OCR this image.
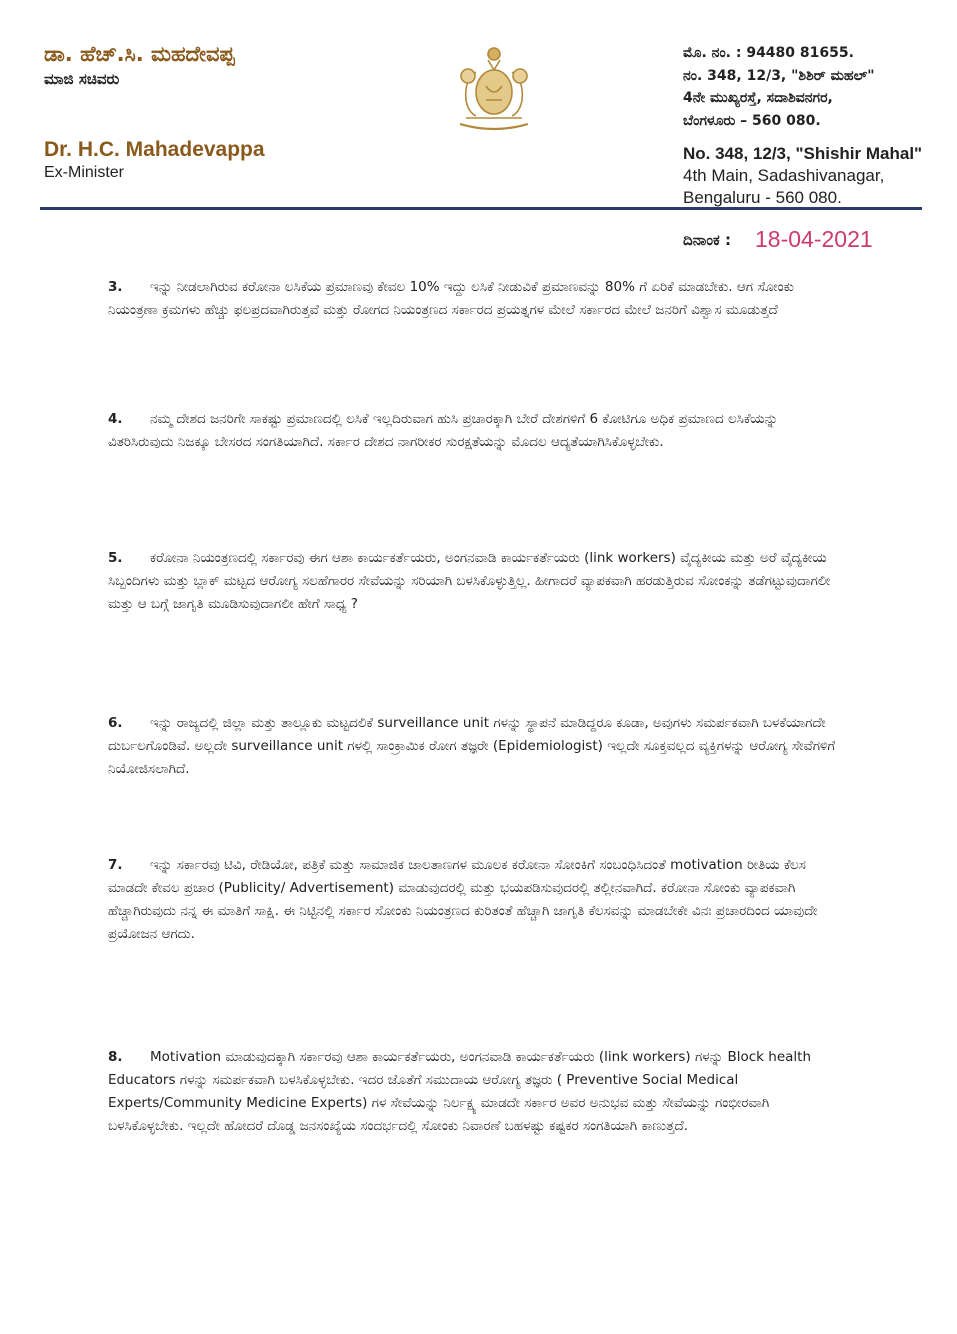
ಡಾ. ಹೆಚ್.ಸಿ. ಮಹದೇವಪ್ಪ
ಮಾಜಿ ಸಚಿವರು
Dr. H.C. Mahadevappa
Ex-Minister
ಮೊ. ನಂ. : 94480 81655.
ನಂ. 348, 12/3, "ಶಿಶಿರ್ ಮಹಲ್"
4ನೇ ಮುಖ್ಯರಸ್ತೆ, ಸದಾಶಿವನಗರ,
ಬೆಂಗಳೂರು – 560 080.
No. 348, 12/3, "Shishir Mahal"
4th Main, Sadashivanagar,
Bengaluru - 560 080.
ದಿನಾಂಕ : 18-04-2021
3. ಇನ್ನು ನೀಡಲಾಗಿರುವ ಕರೋನಾ ಲಸಿಕೆಯ ಪ್ರಮಾಣವು ಕೇವಲ 10% ಇದ್ದು ಲಸಿಕೆ ನೀಡುವಿಕೆ ಪ್ರಮಾಣವನ್ನು 80% ಗೆ ಏರಿಕೆ ಮಾಡಬೇಕು. ಆಗ ಸೋಂಕು ನಿಯಂತ್ರಣಾ ಕ್ರಮಗಳು ಹೆಚ್ಚು ಫಲಪ್ರದವಾಗಿರುತ್ತವೆ ಮತ್ತು ರೋಗದ ನಿಯಂತ್ರಣದ ಸರ್ಕಾರದ ಪ್ರಯತ್ನಗಳ ಮೇಲೆ ಸರ್ಕಾರದ ಮೇಲೆ ಜನರಿಗೆ ವಿಶ್ವಾಸ ಮೂಡುತ್ತದೆ
4. ನಮ್ಮ ದೇಶದ ಜನರಿಗೇ ಸಾಕಷ್ಟು ಪ್ರಮಾಣದಲ್ಲಿ ಲಸಿಕೆ ಇಲ್ಲದಿರುವಾಗ ಹುಸಿ ಪ್ರಚಾರಕ್ಕಾಗಿ ಬೇರೆ ದೇಶಗಳಿಗೆ 6 ಕೋಟಿಗೂ ಅಧಿಕ ಪ್ರಮಾಣದ ಲಸಿಕೆಯನ್ನು ವಿತರಿಸಿರುವುದು ನಿಜಕ್ಕೂ ಬೇಸರದ ಸಂಗತಿಯಾಗಿದೆ. ಸರ್ಕಾರ ದೇಶದ ನಾಗರೀಕರ ಸುರಕ್ಷತೆಯನ್ನು ಮೊದಲ ಆದ್ಯತೆಯಾಗಿಸಿಕೊಳ್ಳಬೇಕು.
5. ಕರೋನಾ ನಿಯಂತ್ರಣದಲ್ಲಿ ಸರ್ಕಾರವು ಈಗ ಆಶಾ ಕಾರ್ಯಕರ್ತೆಯರು, ಅಂಗನವಾಡಿ ಕಾರ್ಯಕರ್ತೆಯರು (link workers) ವೈದ್ಯಕೀಯ ಮತ್ತು ಅರೆ ವೈದ್ಯಕೀಯ ಸಿಬ್ಬಂದಿಗಳು ಮತ್ತು ಬ್ಲಾಕ್ ಮಟ್ಟದ ಆರೋಗ್ಯ ಸಲಹೆಗಾರರ ಸೇವೆಯನ್ನು ಸರಿಯಾಗಿ ಬಳಸಿಕೊಳ್ಳುತ್ತಿಲ್ಲ. ಹೀಗಾದರೆ ವ್ಯಾಪಕವಾಗಿ ಹರಡುತ್ತಿರುವ ಸೋಂಕನ್ನು ತಡೆಗಟ್ಟುವುದಾಗಲೀ ಮತ್ತು ಆ ಬಗ್ಗೆ ಜಾಗೃತಿ ಮೂಡಿಸುವುದಾಗಲೀ ಹೇಗೆ ಸಾಧ್ಯ ?
6. ಇನ್ನು ರಾಜ್ಯದಲ್ಲಿ ಜಿಲ್ಲಾ ಮತ್ತು ತಾಲ್ಲೂಕು ಮಟ್ಟದಲಿಕೆ surveillance unit ಗಳನ್ನು ಸ್ಥಾಪನೆ ಮಾಡಿದ್ದರೂ ಕೂಡಾ, ಅವುಗಳು ಸಮರ್ಪಕವಾಗಿ ಬಳಕೆಯಾಗದೇ ದುರ್ಬಲಗೊಂಡಿವೆ. ಅಲ್ಲದೇ surveillance unit ಗಳಲ್ಲಿ ಸಾಂಕ್ರಾಮಿಕ ರೋಗ ತಜ್ಞರೇ (Epidemiologist) ಇಲ್ಲದೇ ಸೂಕ್ತವಲ್ಲದ ವ್ಯಕ್ತಿಗಳನ್ನು ಆರೋಗ್ಯ ಸೇವೆಗಳಿಗೆ ನಿಯೋಜಿಸಲಾಗಿದೆ.
7. ಇನ್ನು ಸರ್ಕಾರವು ಟಿವಿ, ರೇಡಿಯೋ, ಪತ್ರಿಕೆ ಮತ್ತು ಸಾಮಾಜಿಕ ಜಾಲತಾಣಗಳ ಮೂಲಕ ಕರೋನಾ ಸೋಂಕಿಗೆ ಸಂಬಂಧಿಸಿದಂತೆ motivation ರೀತಿಯ ಕೆಲಸ ಮಾಡದೇ ಕೇವಲ ಪ್ರಚಾರ (Publicity/ Advertisement) ಮಾಡುವುದರಲ್ಲಿ ಮತ್ತು ಭಯಪಡಿಸುವುದರಲ್ಲಿ ತಲ್ಲೀನವಾಗಿದೆ. ಕರೋನಾ ಸೋಂಕು ವ್ಯಾಪಕವಾಗಿ ಹೆಚ್ಚಾಗಿರುವುದು ನನ್ನ ಈ ಮಾತಿಗೆ ಸಾಕ್ಷಿ. ಈ ನಿಟ್ಟಿನಲ್ಲಿ ಸರ್ಕಾರ ಸೋಂಕು ನಿಯಂತ್ರಣದ ಕುರಿತಂತೆ ಹೆಚ್ಚಾಗಿ ಜಾಗೃತಿ ಕೆಲಸವನ್ನು ಮಾಡಬೇಕೇ ವಿನಃ ಪ್ರಚಾರದಿಂದ ಯಾವುದೇ ಪ್ರಯೋಜನ ಆಗದು.
8. Motivation ಮಾಡುವುದಕ್ಕಾಗಿ ಸರ್ಕಾರವು ಆಶಾ ಕಾರ್ಯಕರ್ತೆಯರು, ಅಂಗನವಾಡಿ ಕಾರ್ಯಕರ್ತೆಯರು (link workers) ಗಳನ್ನು Block health Educators ಗಳನ್ನು ಸಮರ್ಪಕವಾಗಿ ಬಳಸಿಕೊಳ್ಳಬೇಕು. ಇದರ ಜೊತೆಗೆ ಸಮುದಾಯ ಆರೋಗ್ಯ ತಜ್ಞರು ( Preventive Social Medical Experts/Community Medicine Experts) ಗಳ ಸೇವೆಯನ್ನು ನಿರ್ಲಕ್ಷ್ಯ ಮಾಡದೇ ಸರ್ಕಾರ ಅವರ ಅನುಭವ ಮತ್ತು ಸೇವೆಯನ್ನು ಗಂಭೀರವಾಗಿ ಬಳಸಿಕೊಳ್ಳಬೇಕು. ಇಲ್ಲದೇ ಹೋದರೆ ದೊಡ್ಡ ಜನಸಂಖ್ಯೆಯ ಸಂದರ್ಭದಲ್ಲಿ ಸೋಂಕು ನಿವಾರಣೆ ಬಹಳಷ್ಟು ಕಷ್ಟಕರ ಸಂಗತಿಯಾಗಿ ಕಾಣುತ್ತದೆ.
